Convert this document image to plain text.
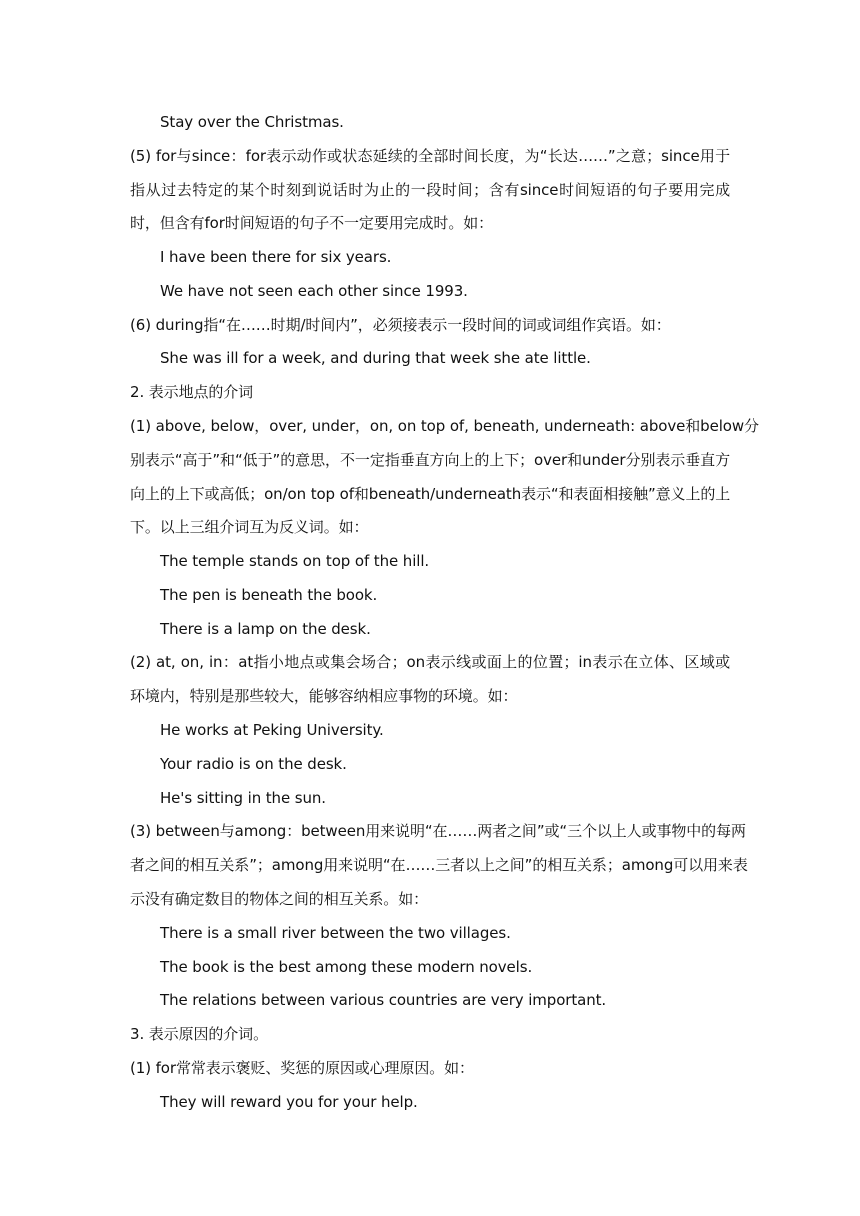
Stay over the Christmas.
(5) for与since：for表示动作或状态延续的全部时间长度，为“长达……”之意；since用于
指从过去特定的某个时刻到说话时为止的一段时间；含有since时间短语的句子要用完成
时，但含有for时间短语的句子不一定要用完成时。如：
I have been there for six years.
We have not seen each other since 1993.
(6) during指“在……时期/时间内”，必须接表示一段时间的词或词组作宾语。如：
She was ill for a week, and during that week she ate little.
2. 表示地点的介词
(1) above, below，over, under，on, on top of, beneath, underneath: above和below分
别表示“高于”和“低于”的意思，不一定指垂直方向上的上下；over和under分别表示垂直方
向上的上下或高低；on/on top of和beneath/underneath表示“和表面相接触”意义上的上
下。以上三组介词互为反义词。如：
The temple stands on top of the hill.
The pen is beneath the book.
There is a lamp on the desk.
(2) at, on, in：at指小地点或集会场合；on表示线或面上的位置；in表示在立体、区域或
环境内，特别是那些较大，能够容纳相应事物的环境。如：
He works at Peking University.
Your radio is on the desk.
He's sitting in the sun.
(3) between与among：between用来说明“在……两者之间”或“三个以上人或事物中的每两
者之间的相互关系”；among用来说明“在……三者以上之间”的相互关系；among可以用来表
示没有确定数目的物体之间的相互关系。如：
There is a small river between the two villages.
The book is the best among these modern novels.
The relations between various countries are very important.
3. 表示原因的介词。
(1) for常常表示褒贬、奖惩的原因或心理原因。如：
They will reward you for your help.
